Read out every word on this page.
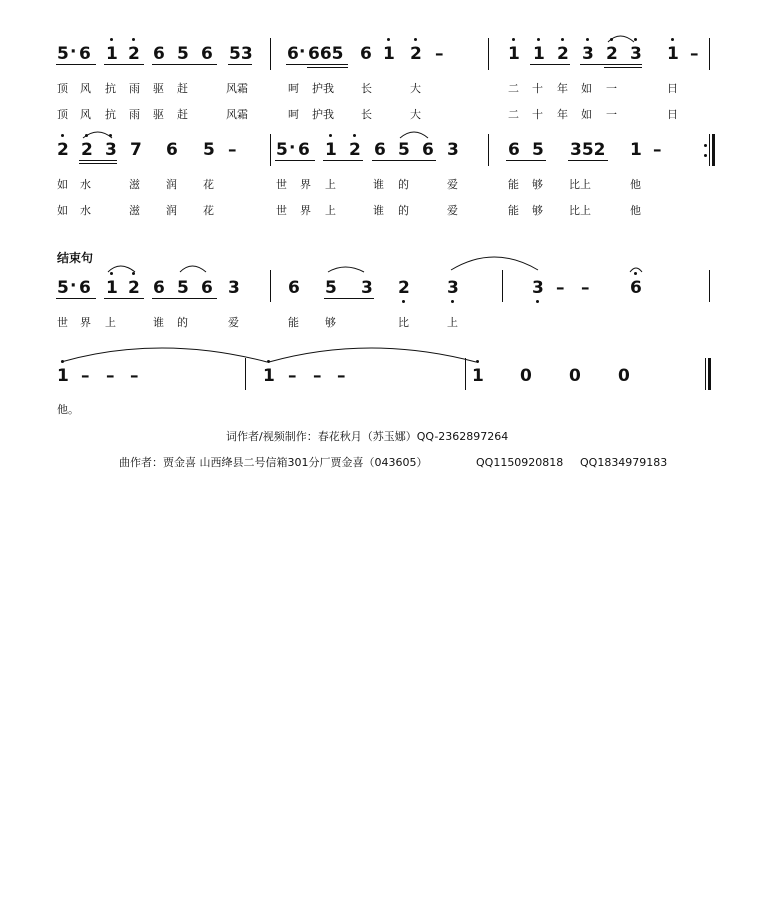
5 · 6 1 2 6 5 6 53 6 · 665 6 1 2 –	1 1 2 3 2 3 1 –
顶 风 抗 雨 驱 赶	风霜	呵 护我 长	大	二 十 年 如 一	日
顶 风 抗 雨 驱 赶	风霜	呵 护我 长	大	二 十 年 如 一	日
2 2 3 7 6 5 – 5 · 6 1 2 6 5 6 3	6 5 352 1 –
如 水	滋 润 花	世 界 上	谁 的	爱	能 够 比上	他
如 水	滋 润 花	世 界 上	谁 的	爱	能 够 比上	他
结束句
5 · 6 1 2 6 5 6 3	6 5 3 2 3	3 – – 6
世 界 上	谁 的	爱	能 够	比	上
1 – – –	1 – – –	1 0 0 0
他。
词作者/视频制作：春花秋月（苏玉娜）QQ-2362897264
曲作者：贾金喜 山西绛县二号信箱301分厂贾金喜（043605）	QQ1150920818 QQ1834979183
